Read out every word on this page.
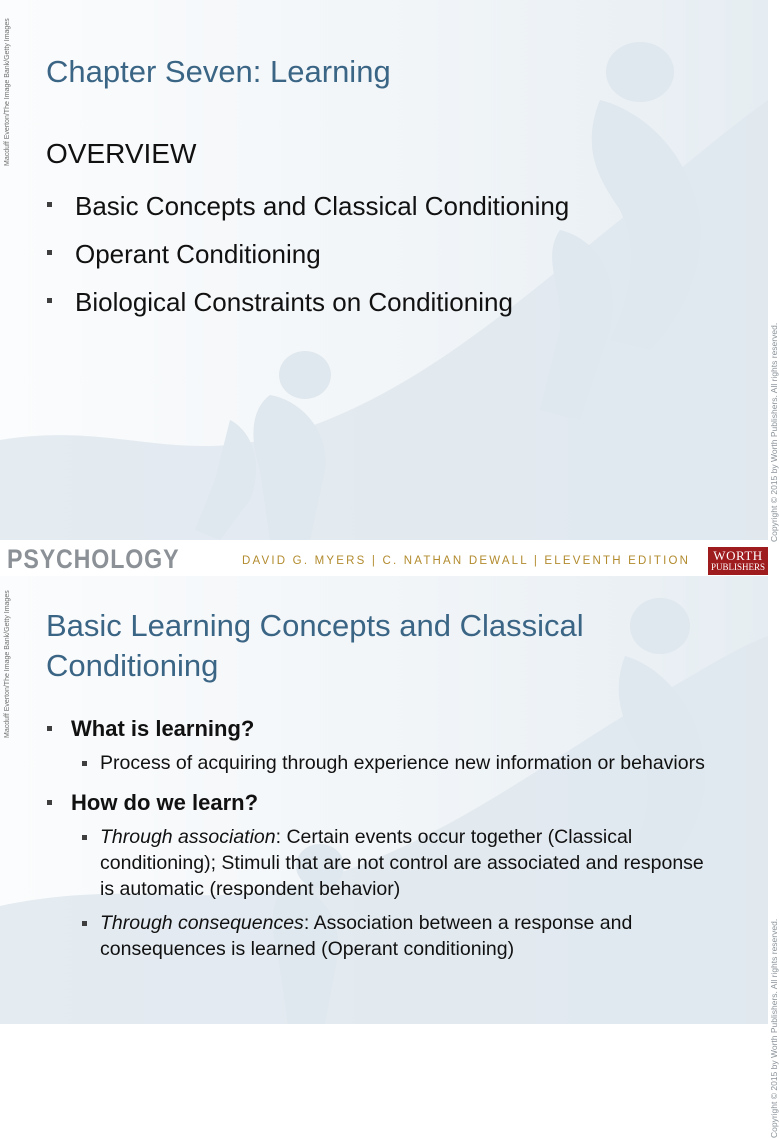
Macduff Everton/The Image Bank/Getty Images
Copyright © 2015 by Worth Publishers. All rights reserved.
Chapter Seven: Learning
OVERVIEW
Basic Concepts and Classical Conditioning
Operant Conditioning
Biological Constraints on Conditioning
PSYCHOLOGY	DAVID G. MYERS | C. NATHAN DEWALL | ELEVENTH EDITION	WORTH
PUBLISHERS
Macduff Everton/The Image Bank/Getty Images
Copyright © 2015 by Worth Publishers. All rights reserved.
Basic Learning Concepts and Classical Conditioning
What is learning?
Process of acquiring through experience new information or behaviors
How do we learn?
Through association: Certain events occur together (Classical conditioning); Stimuli that are not control are associated and response is automatic (respondent behavior)
Through consequences: Association between a response and consequences is learned (Operant conditioning)
